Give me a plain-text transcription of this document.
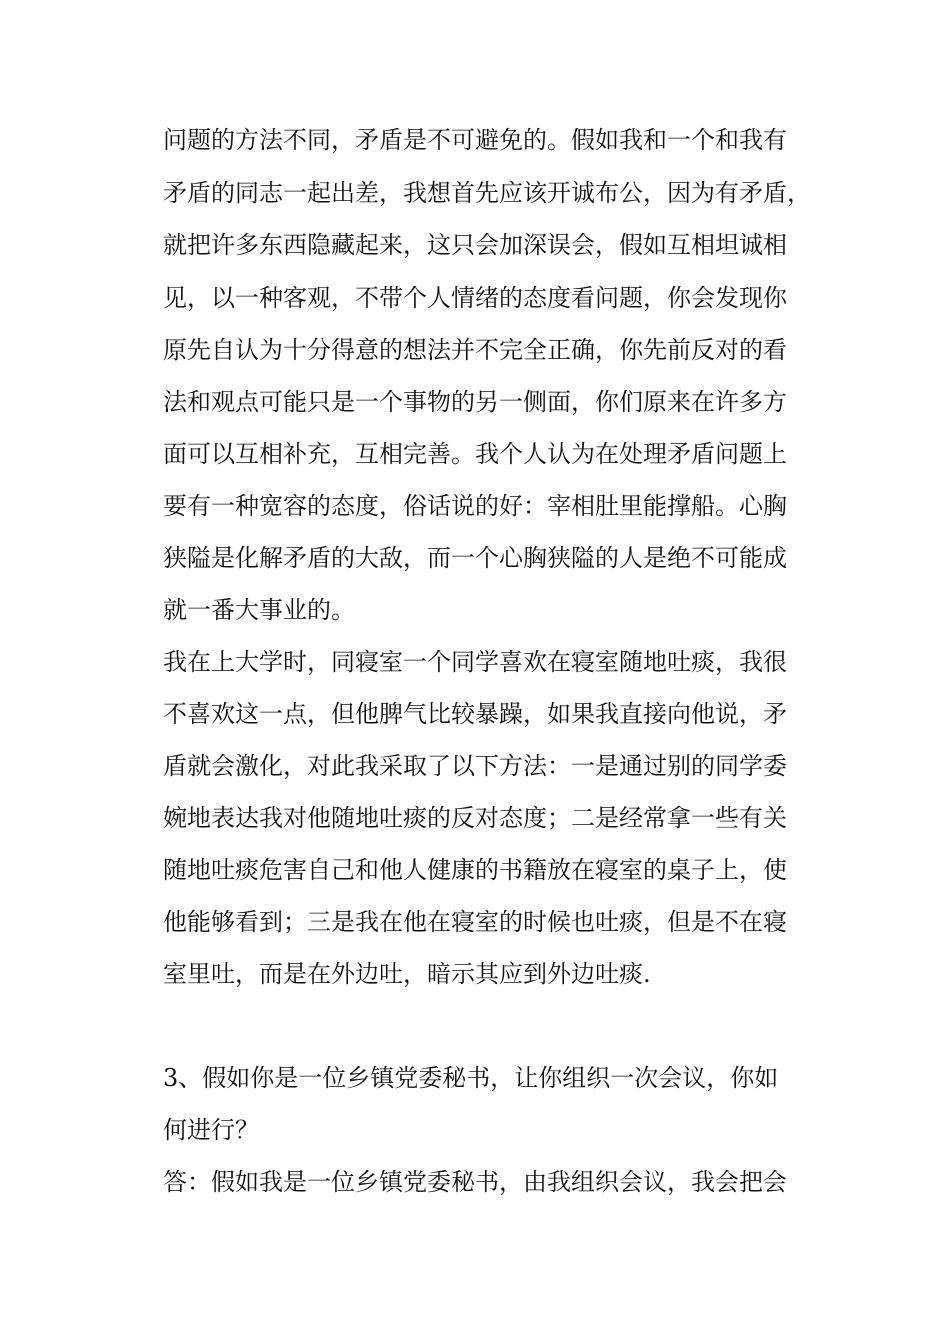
问题的方法不同，矛盾是不可避免的。假如我和一个和我有
矛盾的同志一起出差，我想首先应该开诚布公，因为有矛盾，
就把许多东西隐藏起来，这只会加深误会，假如互相坦诚相
见，以一种客观，不带个人情绪的态度看问题，你会发现你
原先自认为十分得意的想法并不完全正确，你先前反对的看
法和观点可能只是一个事物的另一侧面，你们原来在许多方
面可以互相补充，互相完善。我个人认为在处理矛盾问题上
要有一种宽容的态度，俗话说的好：宰相肚里能撑船。心胸
狭隘是化解矛盾的大敌，而一个心胸狭隘的人是绝不可能成
就一番大事业的。
我在上大学时，同寝室一个同学喜欢在寝室随地吐痰，我很
不喜欢这一点，但他脾气比较暴躁，如果我直接向他说，矛
盾就会激化，对此我采取了以下方法：一是通过别的同学委
婉地表达我对他随地吐痰的反对态度；二是经常拿一些有关
随地吐痰危害自己和他人健康的书籍放在寝室的桌子上，使
他能够看到；三是我在他在寝室的时候也吐痰，但是不在寝
室里吐，而是在外边吐，暗示其应到外边吐痰.
3、假如你是一位乡镇党委秘书，让你组织一次会议，你如
何进行？
答：假如我是一位乡镇党委秘书，由我组织会议，我会把会
